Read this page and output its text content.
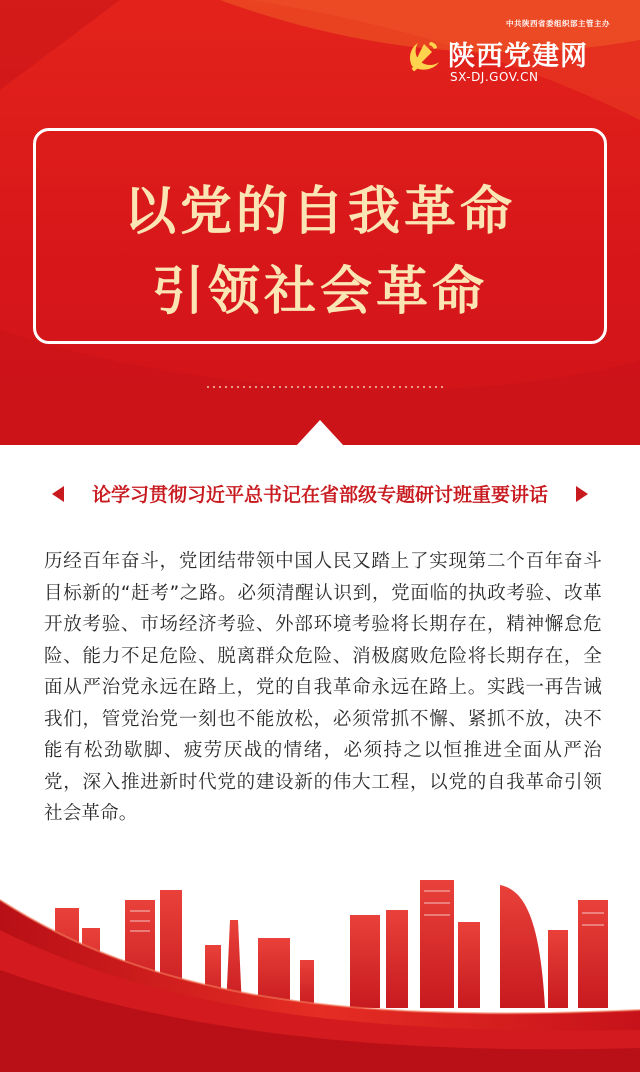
中共陕西省委组织部主管主办
陕西党建网
SX-DJ.GOV.CN
以党的自我革命
引领社会革命
论学习贯彻习近平总书记在省部级专题研讨班重要讲话
历经百年奋斗，党团结带领中国人民又踏上了实现第二个百年奋斗目标新的“赶考”之路。必须清醒认识到，党面临的执政考验、改革开放考验、市场经济考验、外部环境考验将长期存在，精神懈怠危险、能力不足危险、脱离群众危险、消极腐败危险将长期存在，全面从严治党永远在路上，党的自我革命永远在路上。实践一再告诫我们，管党治党一刻也不能放松，必须常抓不懈、紧抓不放，决不能有松劲歇脚、疲劳厌战的情绪，必须持之以恒推进全面从严治党，深入推进新时代党的建设新的伟大工程，以党的自我革命引领社会革命。
